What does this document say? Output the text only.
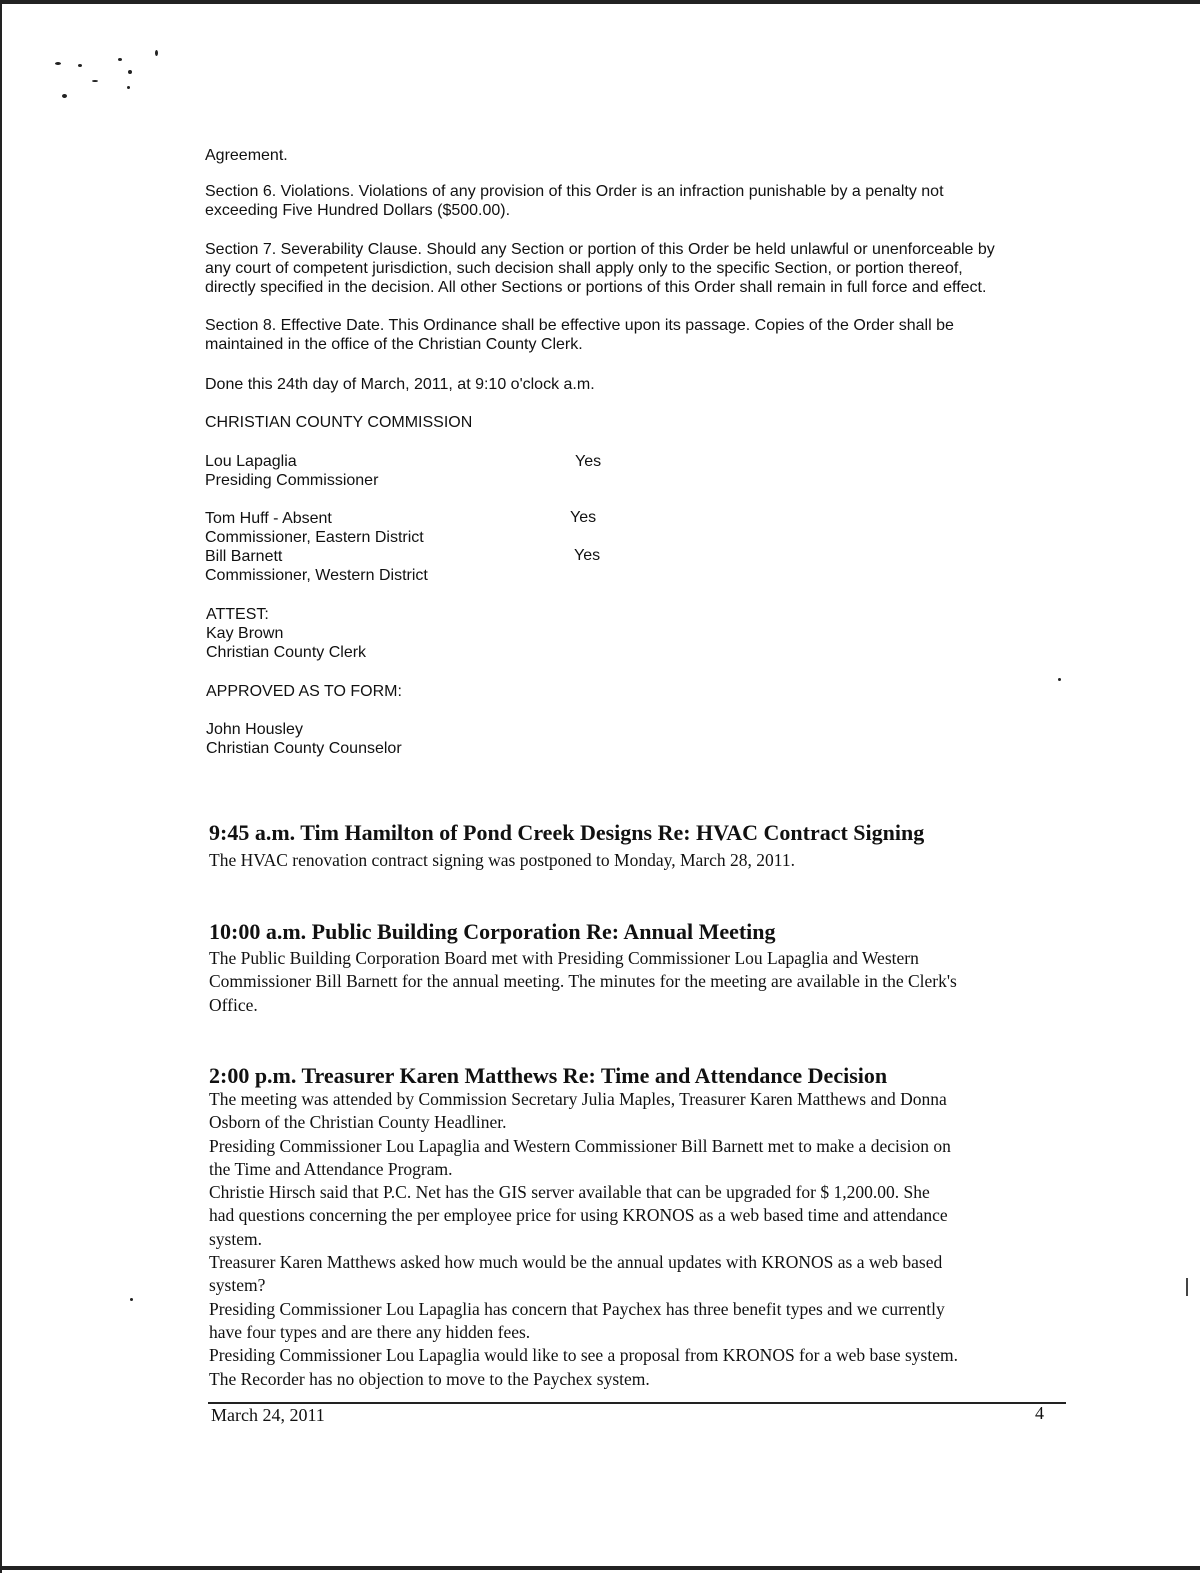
Agreement.

Section 6. Violations. Violations of any provision of this Order is an infraction punishable by a penalty not

exceeding Five Hundred Dollars ($500.00).

Section 7. Severability Clause. Should any Section or portion of this Order be held unlawful or unenforceable by

any court of competent jurisdiction, such decision shall apply only to the specific Section, or portion thereof,

directly specified in the decision. All other Sections or portions of this Order shall remain in full force and effect.

Section 8. Effective Date. This Ordinance shall be effective upon its passage. Copies of the Order shall be

maintained in the office of the Christian County Clerk.

Done this 24th day of March, 2011, at 9:10 o'clock a.m.

CHRISTIAN COUNTY COMMISSION

Lou Lapaglia

Presiding Commissioner

Yes

Tom Huff - Absent

Commissioner, Eastern District

Bill Barnett

Commissioner, Western District

Yes
Yes

ATTEST:

Kay Brown

Christian County Clerk

APPROVED AS TO FORM:

John Housley

Christian County Counselor

9:45 a.m. Tim Hamilton of Pond Creek Designs Re: HVAC Contract Signing

The HVAC renovation contract signing was postponed to Monday, March 28, 2011.

10:00 a.m. Public Building Corporation Re: Annual Meeting

The Public Building Corporation Board met with Presiding Commissioner Lou Lapaglia and Western

Commissioner Bill Barnett for the annual meeting. The minutes for the meeting are available in the Clerk's

Office.

2:00 p.m. Treasurer Karen Matthews Re: Time and Attendance Decision

The meeting was attended by Commission Secretary Julia Maples, Treasurer Karen Matthews and Donna

Osborn of the Christian County Headliner.

Presiding Commissioner Lou Lapaglia and Western Commissioner Bill Barnett met to make a decision on

the Time and Attendance Program.

Christie Hirsch said that P.C. Net has the GIS server available that can be upgraded for $ 1,200.00. She

had questions concerning the per employee price for using KRONOS as a web based time and attendance

system.

Treasurer Karen Matthews asked how much would be the annual updates with KRONOS as a web based

system?

Presiding Commissioner Lou Lapaglia has concern that Paychex has three benefit types and we currently

have four types and are there any hidden fees.

Presiding Commissioner Lou Lapaglia would like to see a proposal from KRONOS for a web base system.

The Recorder has no objection to move to the Paychex system.

March 24, 2011	4
